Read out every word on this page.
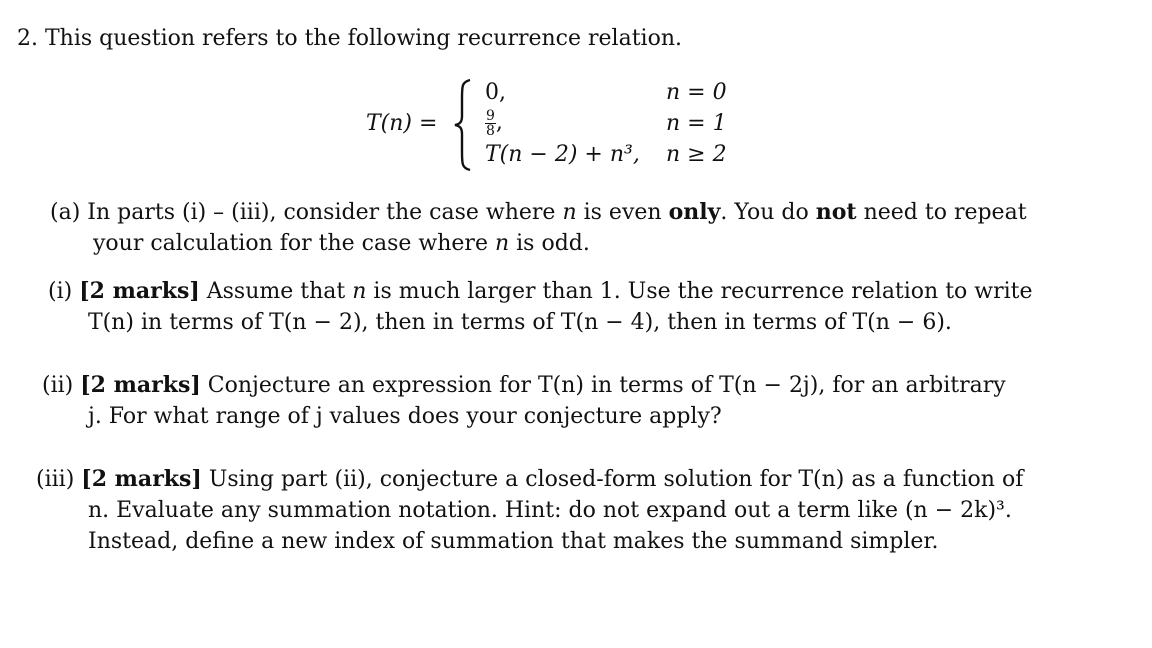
2. This question refers to the following recurrence relation.
T(n) =
0,	n = 0
$\frac{9}{8}$ ,	n = 1
T(n − 2) + n³, n ≥ 2
(a) In parts (i) – (iii), consider the case where n is even only. You do not need to repeat
your calculation for the case where n is odd.
(i) [2 marks] Assume that n is much larger than 1. Use the recurrence relation to write
T(n) in terms of T(n − 2), then in terms of T(n − 4), then in terms of T(n − 6).
(ii) [2 marks] Conjecture an expression for T(n) in terms of T(n − 2j), for an arbitrary
j. For what range of j values does your conjecture apply?
(iii) [2 marks] Using part (ii), conjecture a closed-form solution for T(n) as a function of
n. Evaluate any summation notation. Hint: do not expand out a term like (n − 2k)³.
Instead, define a new index of summation that makes the summand simpler.
